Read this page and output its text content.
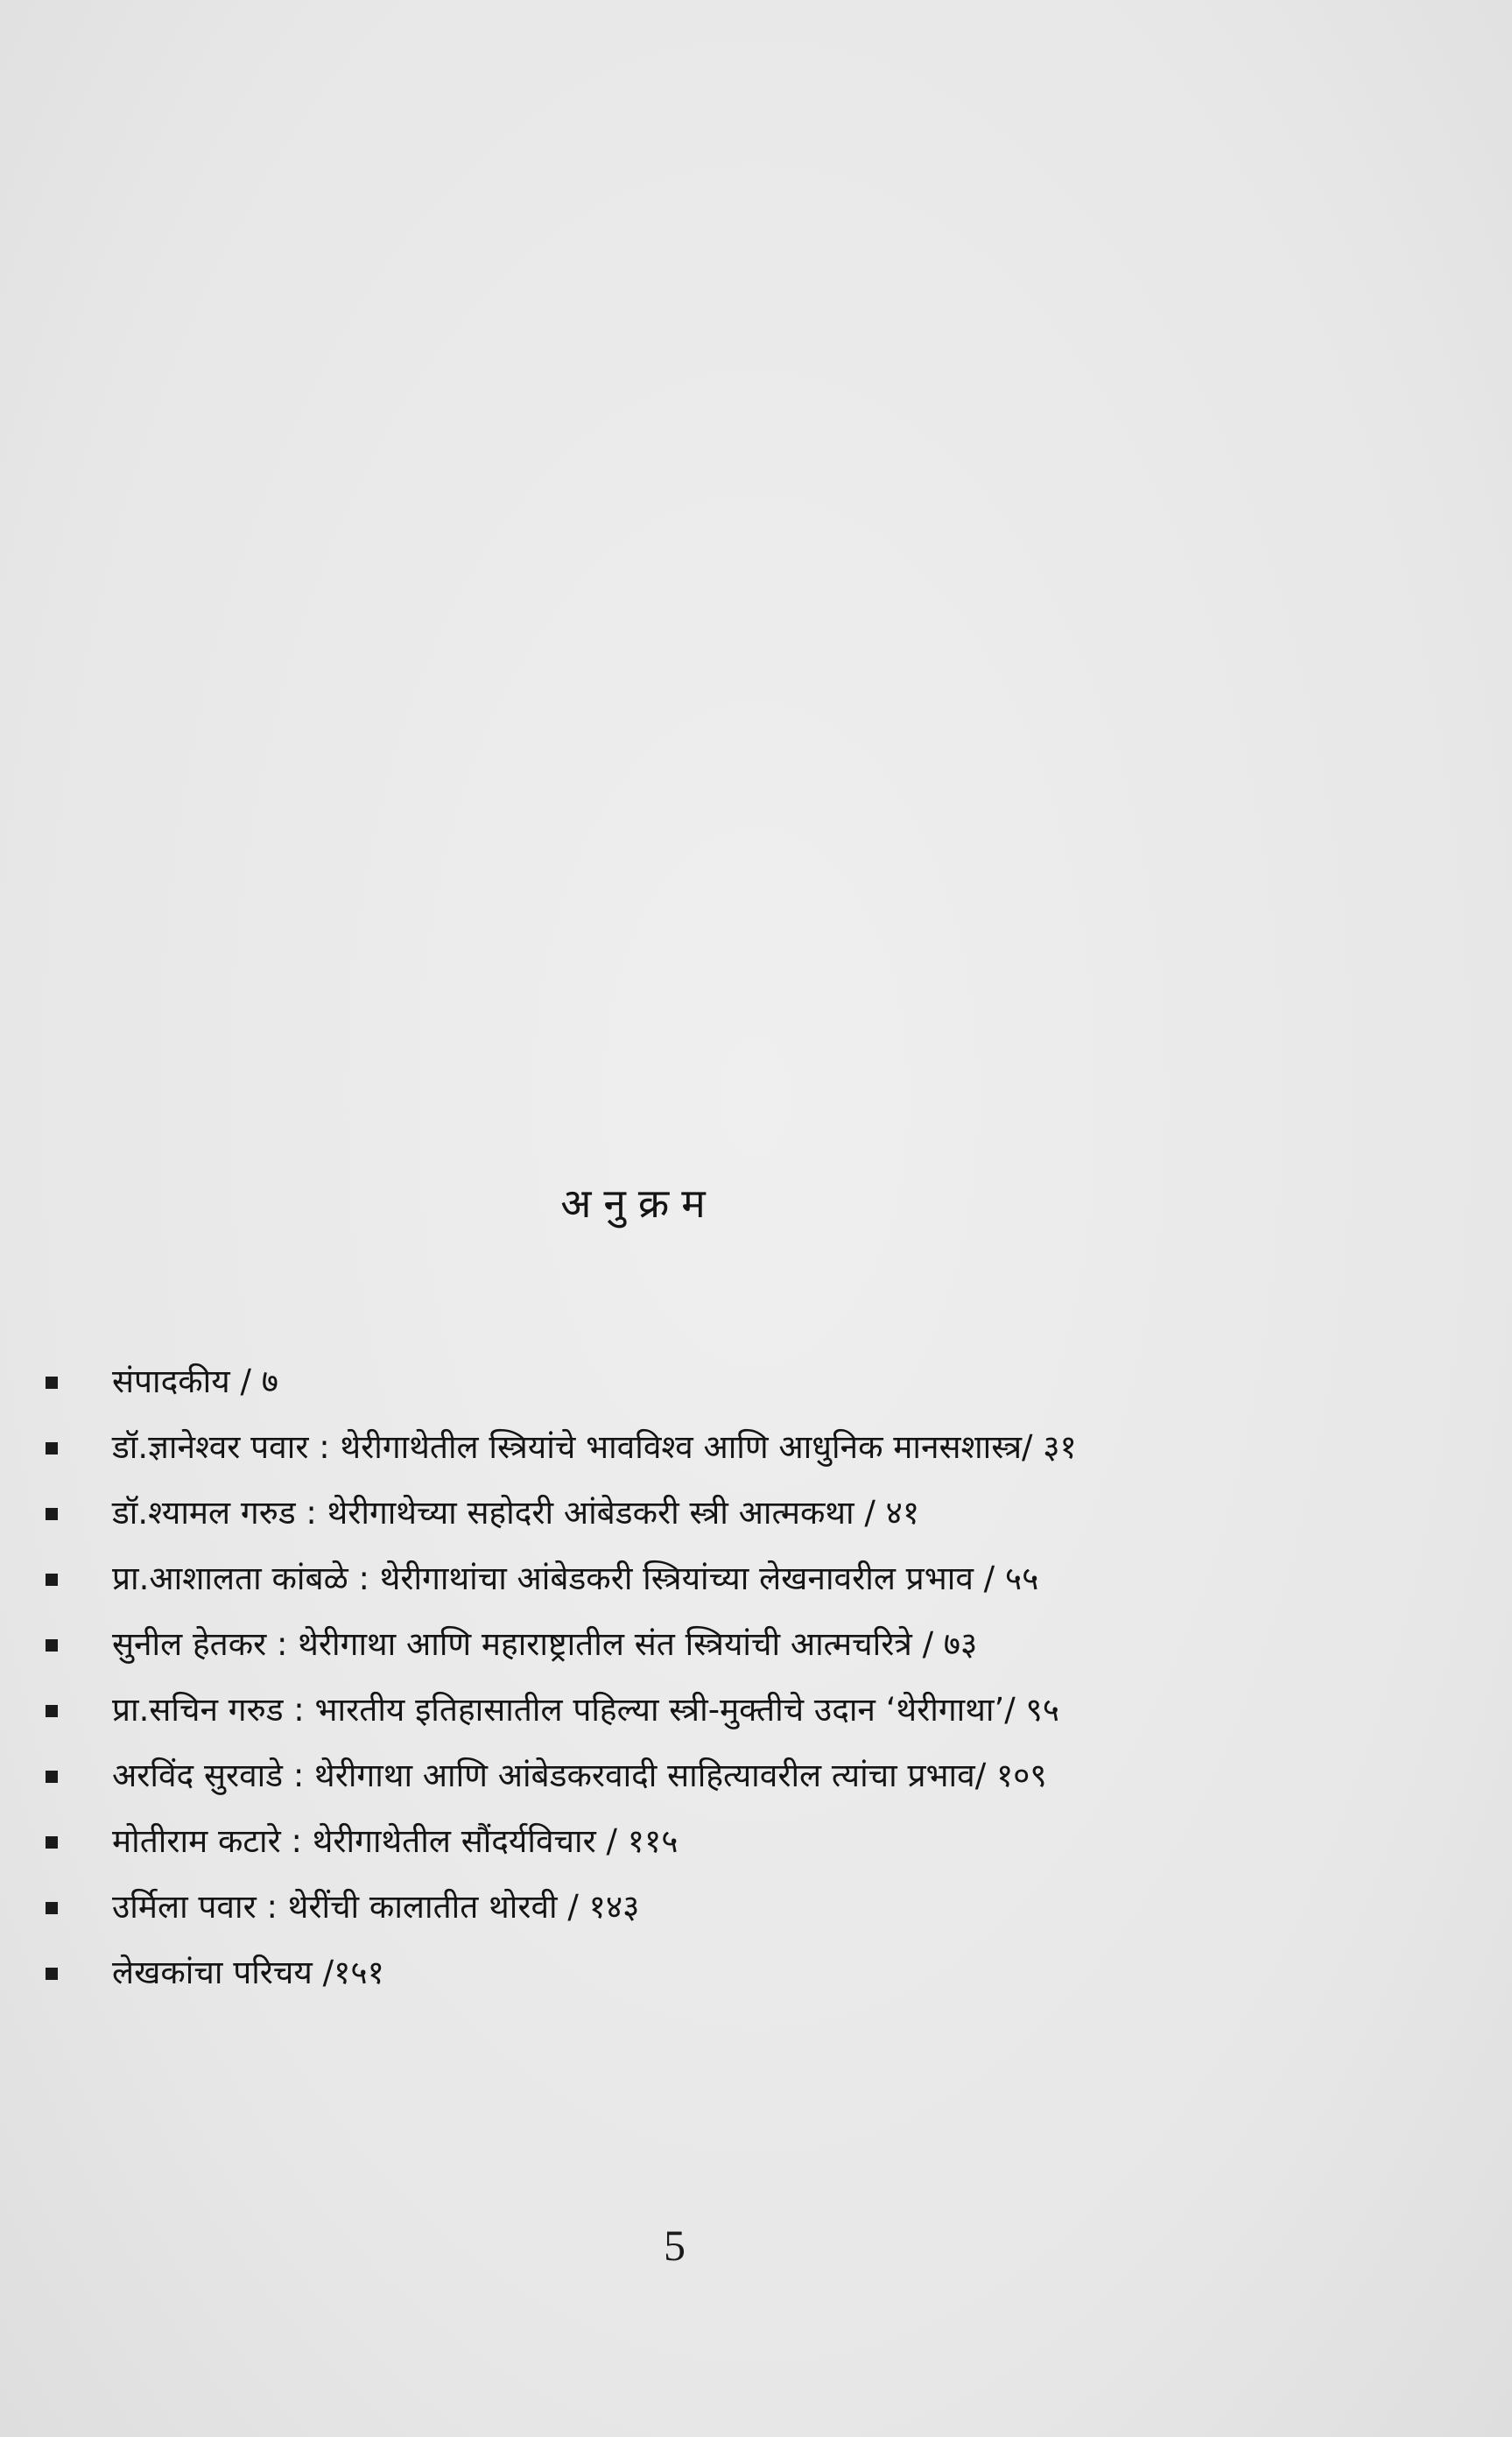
अनुक्रम
संपादकीय / ७
डॉ.ज्ञानेश्वर पवार : थेरीगाथेतील स्त्रियांचे भावविश्व आणि आधुनिक मानसशास्त्र/ ३१
डॉ.श्यामल गरुड : थेरीगाथेच्या सहोदरी आंबेडकरी स्त्री आत्मकथा / ४१
प्रा.आशालता कांबळे : थेरीगाथांचा आंबेडकरी स्त्रियांच्या लेखनावरील प्रभाव / ५५
सुनील हेतकर : थेरीगाथा आणि महाराष्ट्रातील संत स्त्रियांची आत्मचरित्रे / ७३
प्रा.सचिन गरुड : भारतीय इतिहासातील पहिल्या स्त्री-मुक्तीचे उदान ‘थेरीगाथा’/ ९५
अरविंद सुरवाडे : थेरीगाथा आणि आंबेडकरवादी साहित्यावरील त्यांचा प्रभाव/ १०९
मोतीराम कटारे : थेरीगाथेतील सौंदर्यविचार / ११५
उर्मिला पवार : थेरींची कालातीत थोरवी / १४३
लेखकांचा परिचय /१५१
5
